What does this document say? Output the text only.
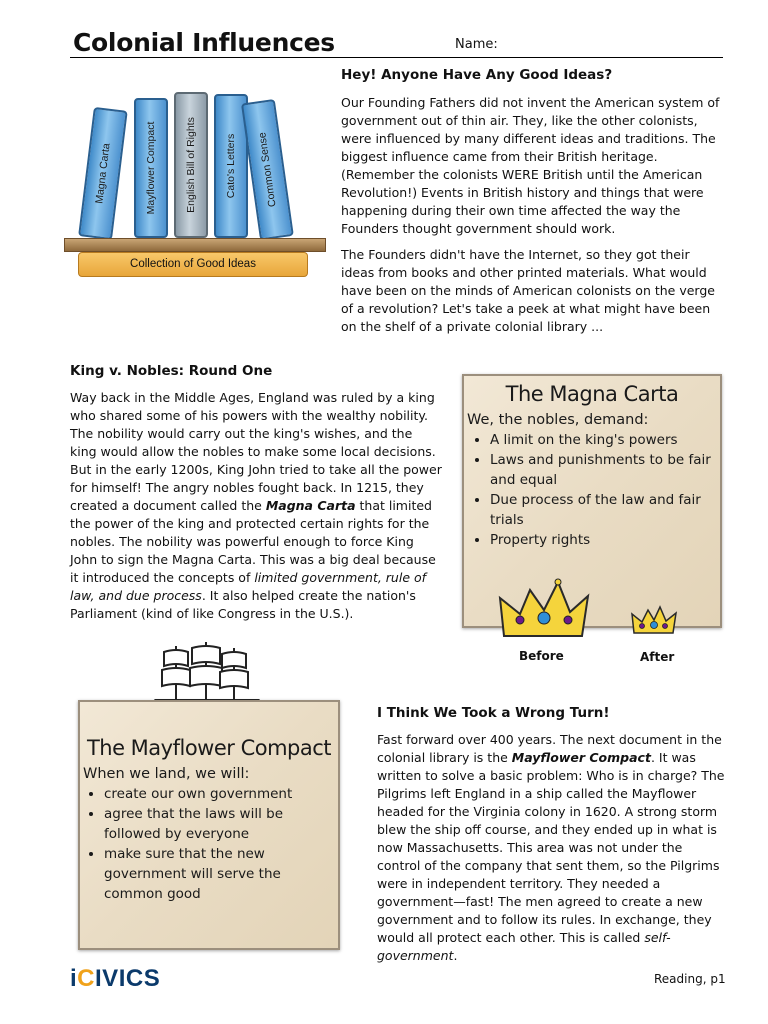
Colonial Influences	Name:
Magna Carta	Mayflower Compact	English Bill of Rights	Cato's Letters Common Sense
Collection of Good Ideas
Hey! Anyone Have Any Good Ideas?

Our Founding Fathers did not invent the American system of government out of thin air. They, like the other colonists, were influenced by many different ideas and traditions. The biggest influence came from their British heritage. (Remember the colonists WERE British until the American Revolution!) Events in British history and things that were happening during their own time affected the way the Founders thought government should work.

The Founders didn't have the Internet, so they got their ideas from books and other printed materials. What would have been on the minds of American colonists on the verge of a revolution? Let's take a peek at what might have been on the shelf of a private colonial library ...

King v. Nobles: Round One
Way back in the Middle Ages, England was ruled by a king who shared some of his powers with the wealthy nobility. The nobility would carry out the king's wishes, and the king would allow the nobles to make some local decisions. But in the early 1200s, King John tried to take all the power for himself! The angry nobles fought back. In 1215, they created a document called the Magna Carta that limited the power of the king and protected certain rights for the nobles. The nobility was powerful enough to force King John to sign the Magna Carta. This was a big deal because it introduced the concepts of limited government, rule of law, and due process. It also helped create the nation's Parliament (kind of like Congress in the U.S.).
The Magna Carta
We, the nobles, demand:
• A limit on the king's powers
• Laws and punishments to be fair and equal
• Due process of the law and fair trials
• Property rights
Before	After
The Mayflower Compact
When we land, we will:
• create our own government
• agree that the laws will be followed by everyone
• make sure that the new government will serve the common good
I Think We Took a Wrong Turn!
Fast forward over 400 years. The next document in the colonial library is the Mayflower Compact. It was written to solve a basic problem: Who is in charge? The Pilgrims left England in a ship called the Mayflower headed for the Virginia colony in 1620. A strong storm blew the ship off course, and they ended up in what is now Massachusetts. This area was not under the control of the company that sent them, so the Pilgrims were in independent territory. They needed a government—fast! The men agreed to create a new government and to follow its rules. In exchange, they would all protect each other. This is called self-government.
iCIVICS	Reading, p1
